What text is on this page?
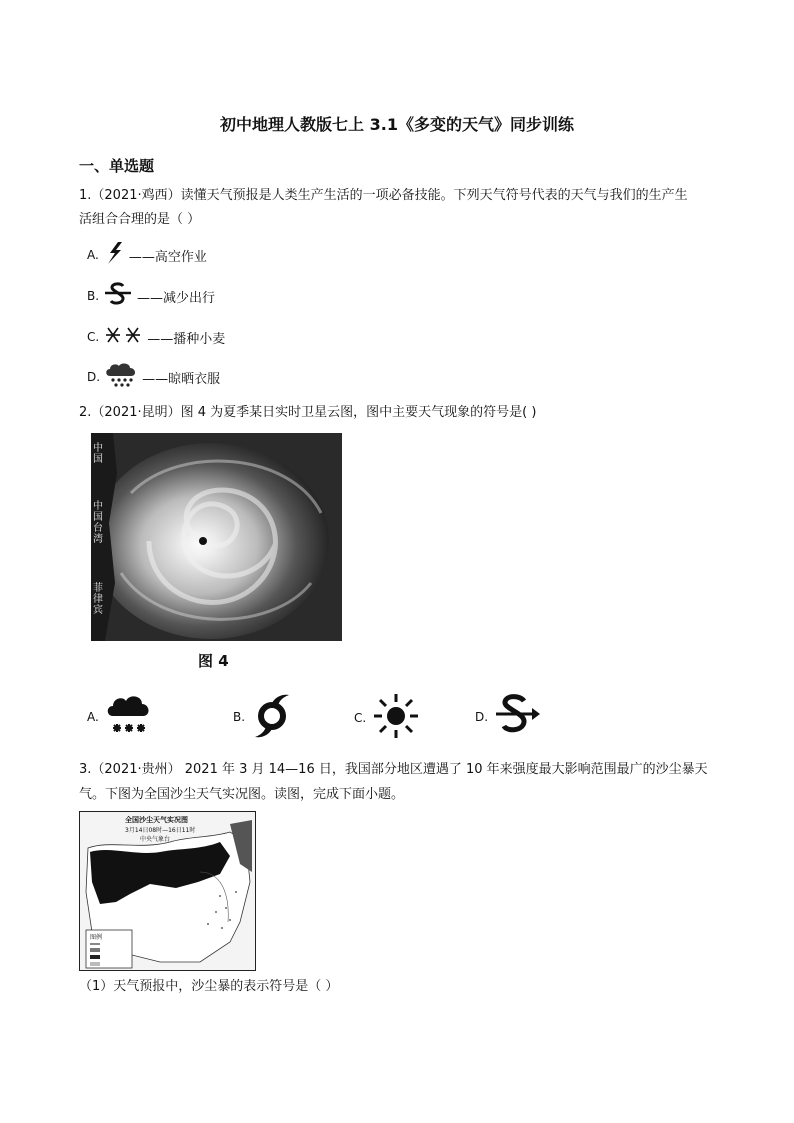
初中地理人教版七上 3.1《多变的天气》同步训练
一、单选题
1.（2021·鸡西）读懂天气预报是人类生产生活的一项必备技能。下列天气符号代表的天气与我们的生产生
活组合合理的是（ ）
A. ——高空作业
B.	——减少出行
C.	——播种小麦
D.	——晾晒衣服
2.（2021·昆明）图 4 为夏季某日实时卫星云图，图中主要天气现象的符号是( )
中国
中国台湾
菲律宾
图 4
A.	B.	C.	D.
3.（2021·贵州） 2021 年 3 月 14—16 日，我国部分地区遭遇了 10 年来强度最大影响范围最广的沙尘暴天
气。下图为全国沙尘天气实况图。读图，完成下面小题。
全国沙尘天气实况图
3月14日08时—16日11时
中央气象台
图例
（1）天气预报中，沙尘暴的表示符号是（ ）
